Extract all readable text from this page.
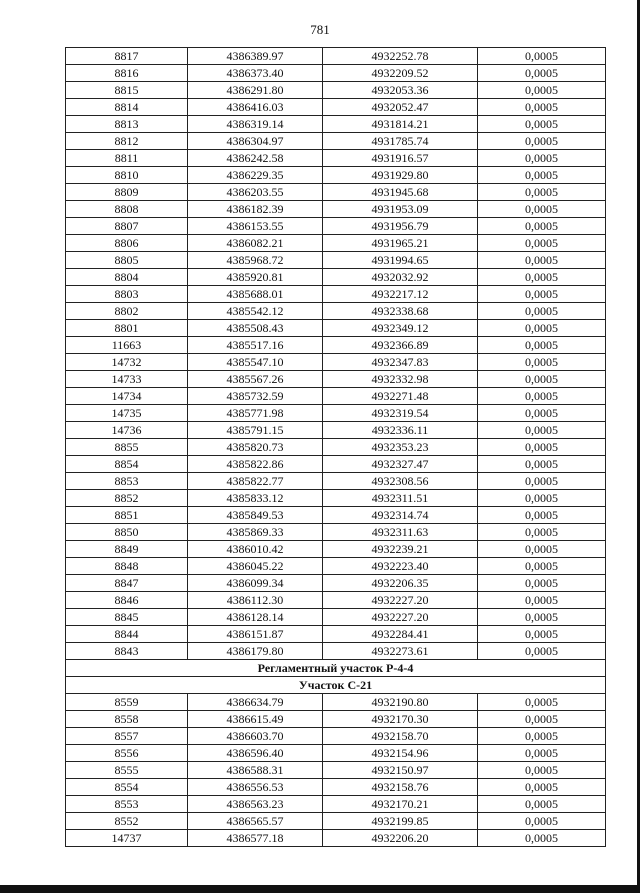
781
8817	4386389.97	4932252.78	0,0005
8816	4386373.40	4932209.52	0,0005
8815	4386291.80	4932053.36	0,0005
8814	4386416.03	4932052.47	0,0005
8813	4386319.14	4931814.21	0,0005
8812	4386304.97	4931785.74	0,0005
8811	4386242.58	4931916.57	0,0005
8810	4386229.35	4931929.80	0,0005
8809	4386203.55	4931945.68	0,0005
8808	4386182.39	4931953.09	0,0005
8807	4386153.55	4931956.79	0,0005
8806	4386082.21	4931965.21	0,0005
8805	4385968.72	4931994.65	0,0005
8804	4385920.81	4932032.92	0,0005
8803	4385688.01	4932217.12	0,0005
8802	4385542.12	4932338.68	0,0005
8801	4385508.43	4932349.12	0,0005
11663	4385517.16	4932366.89	0,0005
14732	4385547.10	4932347.83	0,0005
14733	4385567.26	4932332.98	0,0005
14734	4385732.59	4932271.48	0,0005
14735	4385771.98	4932319.54	0,0005
14736	4385791.15	4932336.11	0,0005
8855	4385820.73	4932353.23	0,0005
8854	4385822.86	4932327.47	0,0005
8853	4385822.77	4932308.56	0,0005
8852	4385833.12	4932311.51	0,0005
8851	4385849.53	4932314.74	0,0005
8850	4385869.33	4932311.63	0,0005
8849	4386010.42	4932239.21	0,0005
8848	4386045.22	4932223.40	0,0005
8847	4386099.34	4932206.35	0,0005
8846	4386112.30	4932227.20	0,0005
8845	4386128.14	4932227.20	0,0005
8844	4386151.87	4932284.41	0,0005
8843	4386179.80	4932273.61	0,0005
Регламентный участок Р-4-4			
Участок С-21			
8559	4386634.79	4932190.80	0,0005
8558	4386615.49	4932170.30	0,0005
8557	4386603.70	4932158.70	0,0005
8556	4386596.40	4932154.96	0,0005
8555	4386588.31	4932150.97	0,0005
8554	4386556.53	4932158.76	0,0005
8553	4386563.23	4932170.21	0,0005
8552	4386565.57	4932199.85	0,0005
14737	4386577.18	4932206.20	0,0005
